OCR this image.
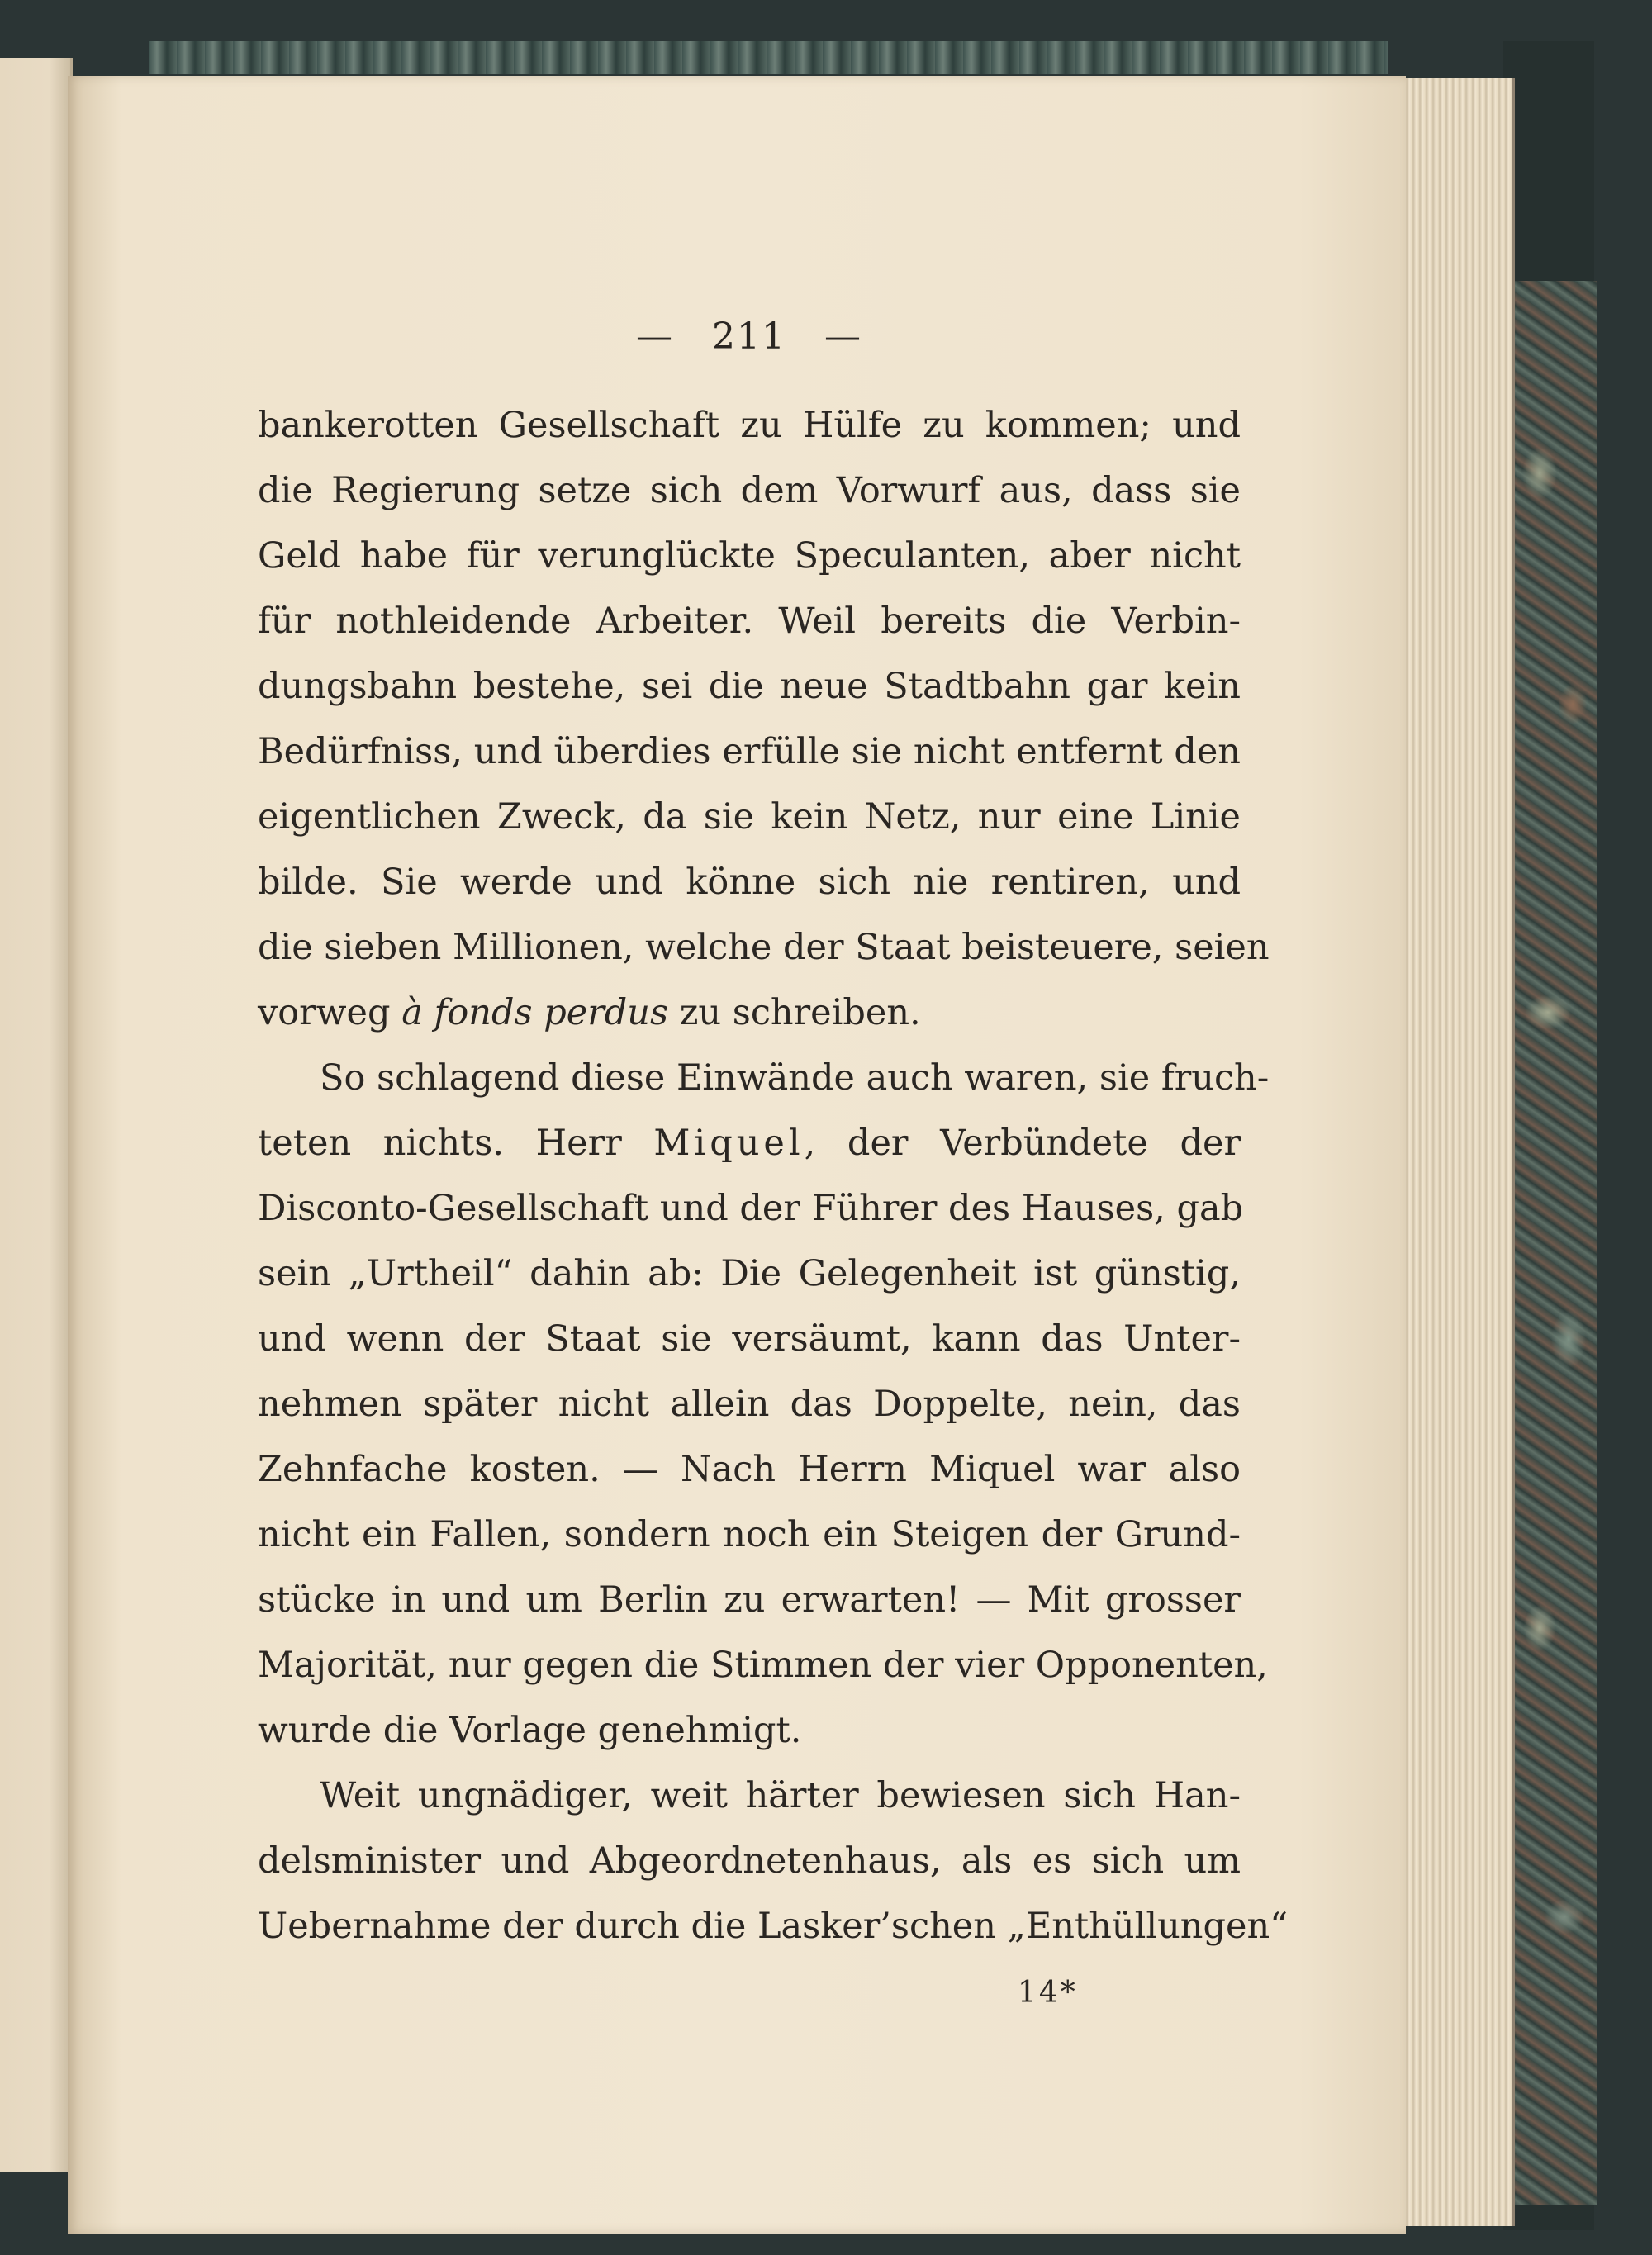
— 211 —
bankerotten Gesellschaft zu Hülfe zu kommen; und
die Regierung setze sich dem Vorwurf aus, dass sie
Geld habe für verunglückte Speculanten, aber nicht
für nothleidende Arbeiter. Weil bereits die Verbin-
dungsbahn bestehe, sei die neue Stadtbahn gar kein
Bedürfniss, und überdies erfülle sie nicht entfernt den
eigentlichen Zweck, da sie kein Netz, nur eine Linie
bilde. Sie werde und könne sich nie rentiren, und
die sieben Millionen, welche der Staat beisteuere, seien
vorweg à fonds perdus zu schreiben.
So schlagend diese Einwände auch waren, sie fruch-
teten nichts. Herr Miquel, der Verbündete der
Disconto-Gesellschaft und der Führer des Hauses, gab
sein „Urtheil“ dahin ab: Die Gelegenheit ist günstig,
und wenn der Staat sie versäumt, kann das Unter-
nehmen später nicht allein das Doppelte, nein, das
Zehnfache kosten. — Nach Herrn Miquel war also
nicht ein Fallen, sondern noch ein Steigen der Grund-
stücke in und um Berlin zu erwarten! — Mit grosser
Majorität, nur gegen die Stimmen der vier Opponenten,
wurde die Vorlage genehmigt.
Weit ungnädiger, weit härter bewiesen sich Han-
delsminister und Abgeordnetenhaus, als es sich um
Uebernahme der durch die Lasker’schen „Enthüllungen“
14*
